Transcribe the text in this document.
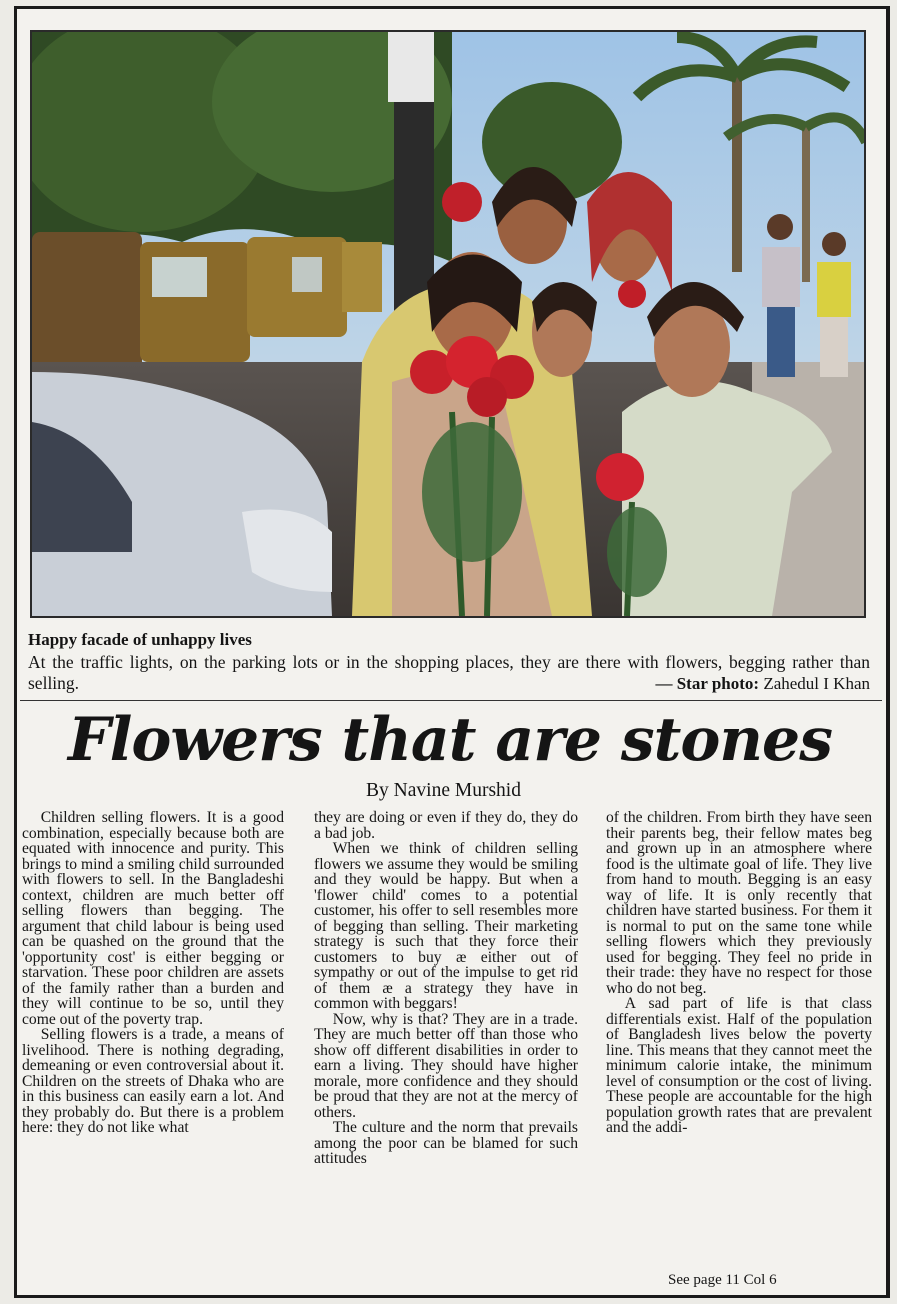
Happy facade of unhappy lives

At the traffic lights, on the parking lots or in the shopping places, they are there with flowers, begging rather than selling.	— Star photo: Zahedul I Khan

Flowers that are stones

By Navine Murshid

Children selling flowers. It is a good combination, especially because both are equated with innocence and purity. This brings to mind a smiling child surrounded with flowers to sell. In the Bangladeshi context, children are much better off selling flowers than begging. The argument that child labour is being used can be quashed on the ground that the 'opportunity cost' is either begging or starvation. These poor children are assets of the family rather than a burden and they will continue to be so, until they come out of the poverty trap.

Selling flowers is a trade, a means of livelihood. There is nothing degrading, demeaning or even controversial about it. Children on the streets of Dhaka who are in this business can easily earn a lot. And they probably do. But there is a problem here: they do not like what

they are doing or even if they do, they do a bad job.

When we think of children selling flowers we assume they would be smiling and they would be happy. But when a 'flower child' comes to a potential customer, his offer to sell resembles more of begging than selling. Their marketing strategy is such that they force their customers to buy æ either out of sympathy or out of the impulse to get rid of them æ a strategy they have in common with beggars!

Now, why is that? They are in a trade. They are much better off than those who show off different disabilities in order to earn a living. They should have higher morale, more confidence and they should be proud that they are not at the mercy of others.

The culture and the norm that prevails among the poor can be blamed for such attitudes

of the children. From birth they have seen their parents beg, their fellow mates beg and grown up in an atmosphere where food is the ultimate goal of life. They live from hand to mouth. Begging is an easy way of life. It is only recently that children have started business. For them it is normal to put on the same tone while selling flowers which they previously used for begging. They feel no pride in their trade: they have no respect for those who do not beg.

A sad part of life is that class differentials exist. Half of the population of Bangladesh lives below the poverty line. This means that they cannot meet the minimum calorie intake, the minimum level of consumption or the cost of living. These people are accountable for the high population growth rates that are prevalent and the addi-

See page 11 Col 6
